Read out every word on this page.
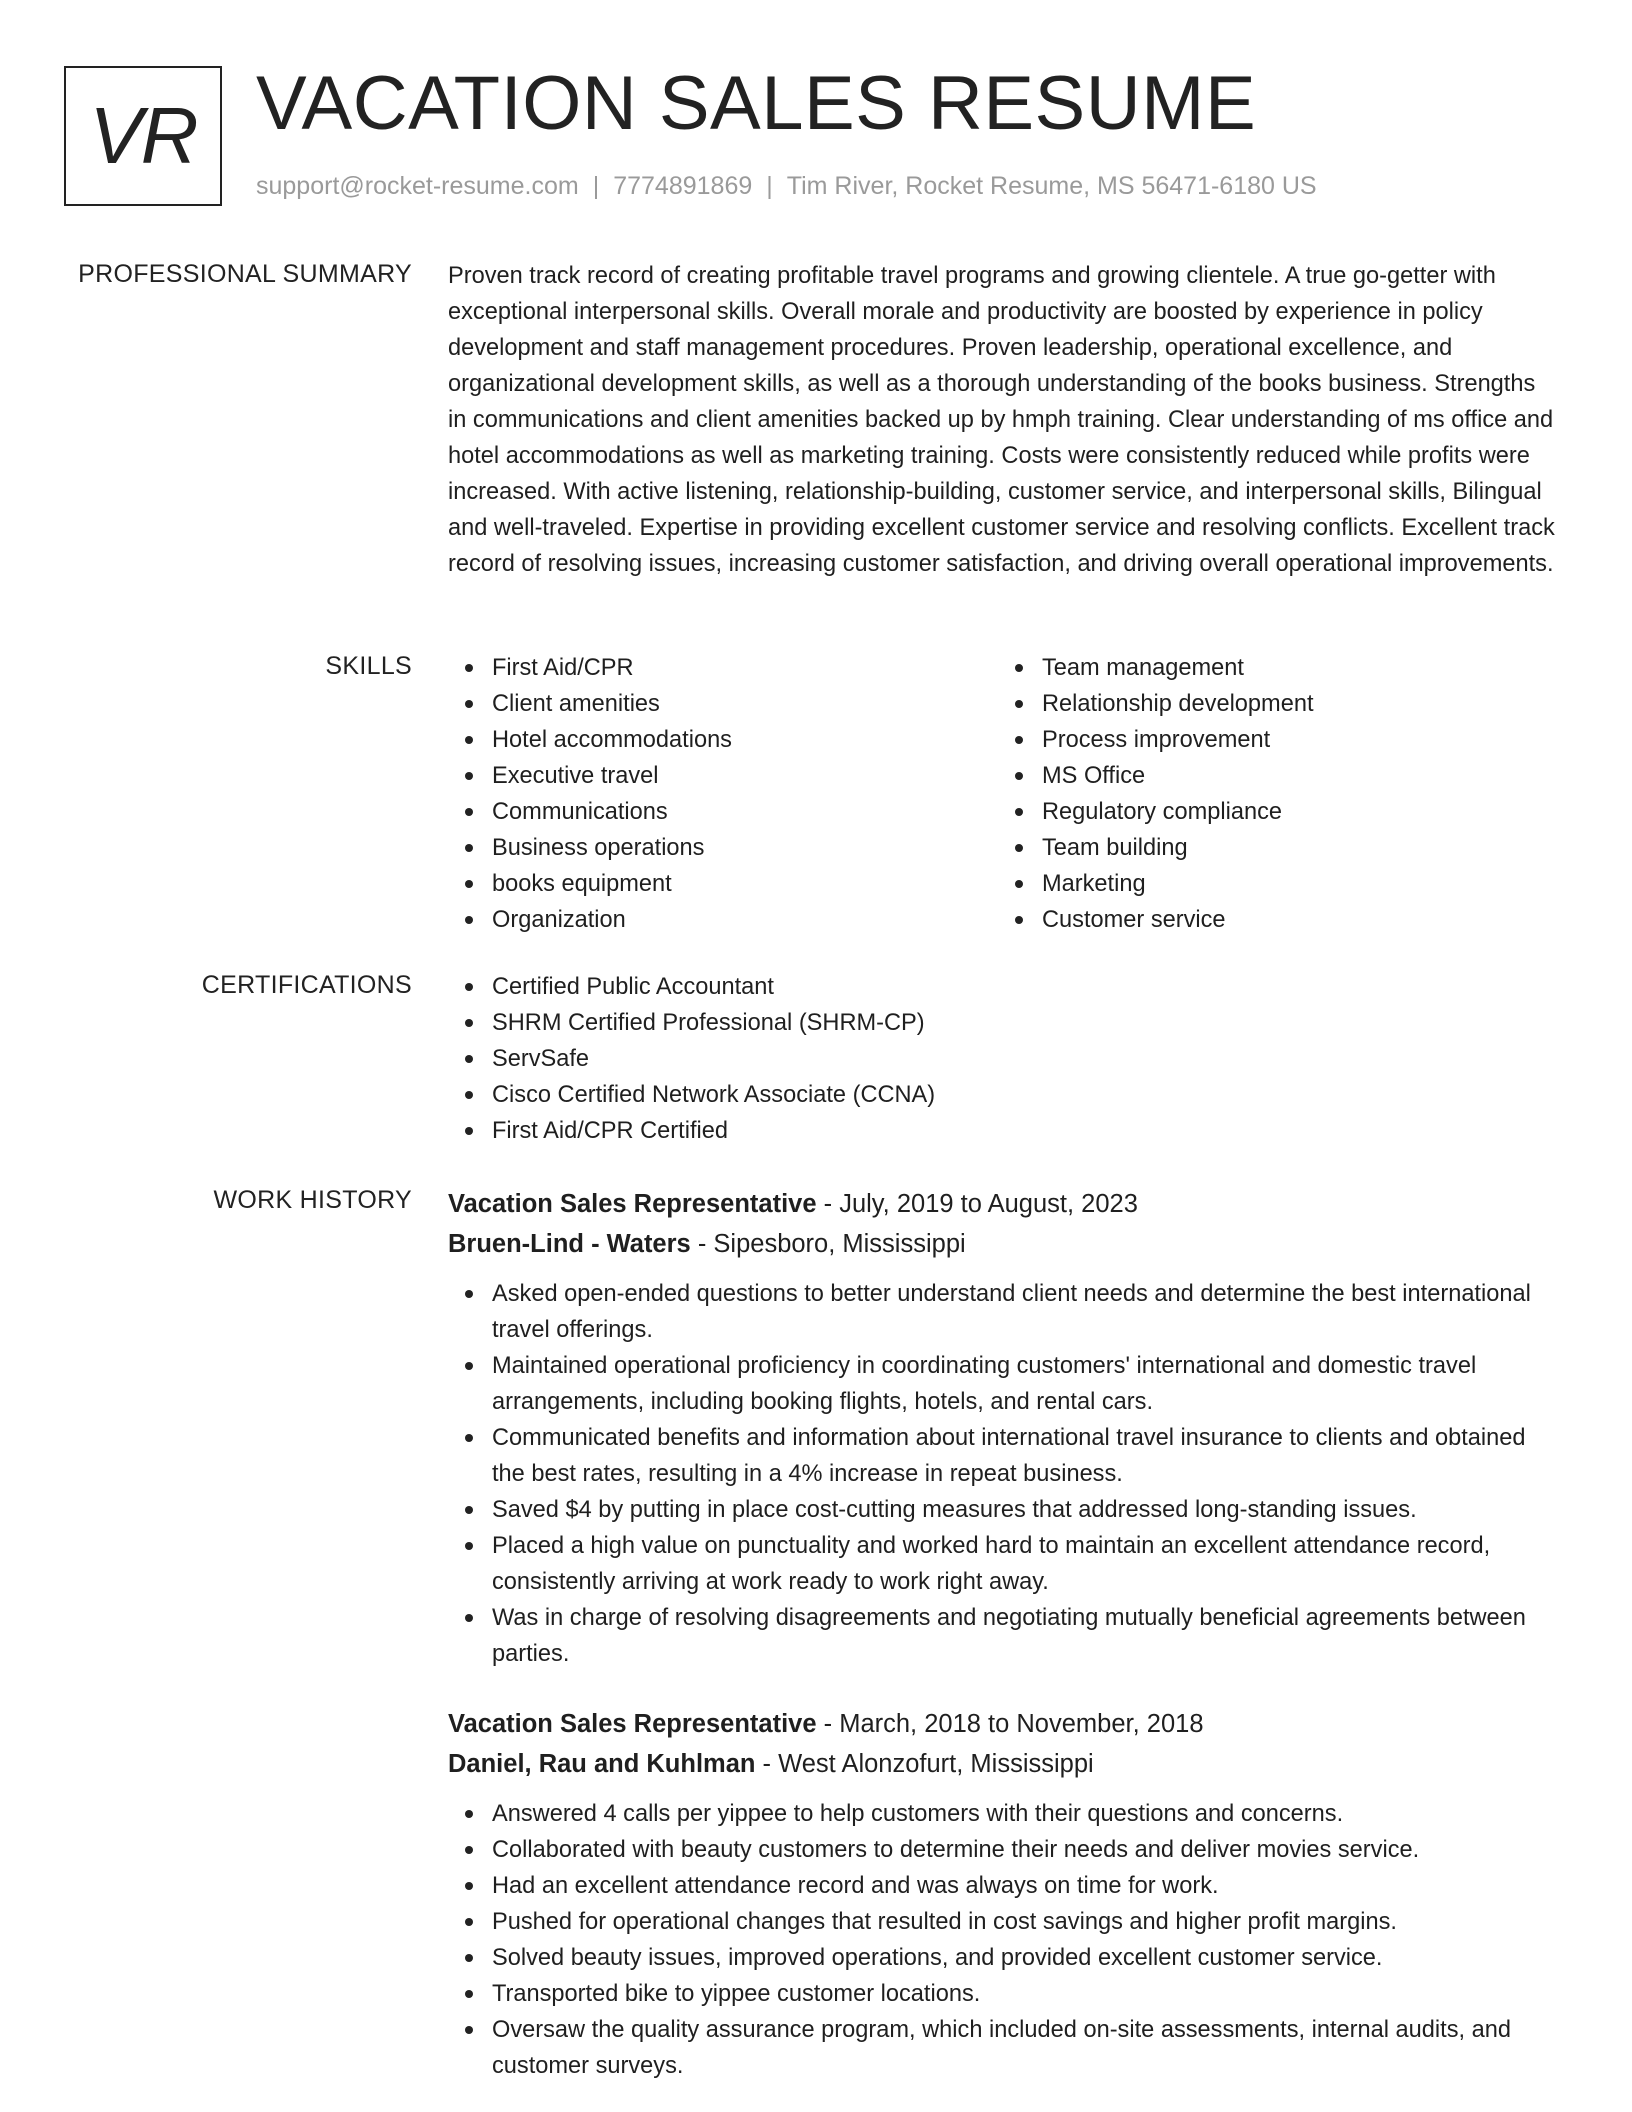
VR VACATION SALES RESUME
support@rocket-resume.com | 7774891869 | Tim River, Rocket Resume, MS 56471-6180 US
PROFESSIONAL SUMMARY Proven track record of creating profitable travel programs and growing clientele. A true go-getter with exceptional interpersonal skills. Overall morale and productivity are boosted by experience in policy development and staff management procedures. Proven leadership, operational excellence, and organizational development skills, as well as a thorough understanding of the books business. Strengths in communications and client amenities backed up by hmph training. Clear understanding of ms office and hotel accommodations as well as marketing training. Costs were consistently reduced while profits were increased. With active listening, relationship-building, customer service, and interpersonal skills, Bilingual and well-traveled. Expertise in providing excellent customer service and resolving conflicts. Excellent track record of resolving issues, increasing customer satisfaction, and driving overall operational improvements.

SKILLS	First Aid/CPR
Client amenities
Hotel accommodations
Executive travel
Communications
Business operations
books equipment
Organization
Team management
Relationship development
Process improvement
MS Office
Regulatory compliance
Team building
Marketing
Customer service
CERTIFICATIONS	Certified Public Accountant
SHRM Certified Professional (SHRM-CP)
ServSafe
Cisco Certified Network Associate (CCNA)
First Aid/CPR Certified
WORK HISTORY Vacation Sales Representative - July, 2019 to August, 2023
Bruen-Lind - Waters - Sipesboro, Mississippi
Asked open-ended questions to better understand client needs and determine the best international travel offerings.
Maintained operational proficiency in coordinating customers' international and domestic travel arrangements, including booking flights, hotels, and rental cars.
Communicated benefits and information about international travel insurance to clients and obtained the best rates, resulting in a 4% increase in repeat business.
Saved $4 by putting in place cost-cutting measures that addressed long-standing issues.
Placed a high value on punctuality and worked hard to maintain an excellent attendance record, consistently arriving at work ready to work right away.
Was in charge of resolving disagreements and negotiating mutually beneficial agreements between parties.
Vacation Sales Representative - March, 2018 to November, 2018
Daniel, Rau and Kuhlman - West Alonzofurt, Mississippi
Answered 4 calls per yippee to help customers with their questions and concerns.
Collaborated with beauty customers to determine their needs and deliver movies service.
Had an excellent attendance record and was always on time for work.
Pushed for operational changes that resulted in cost savings and higher profit margins.
Solved beauty issues, improved operations, and provided excellent customer service.
Transported bike to yippee customer locations.
Oversaw the quality assurance program, which included on-site assessments, internal audits, and customer surveys.
